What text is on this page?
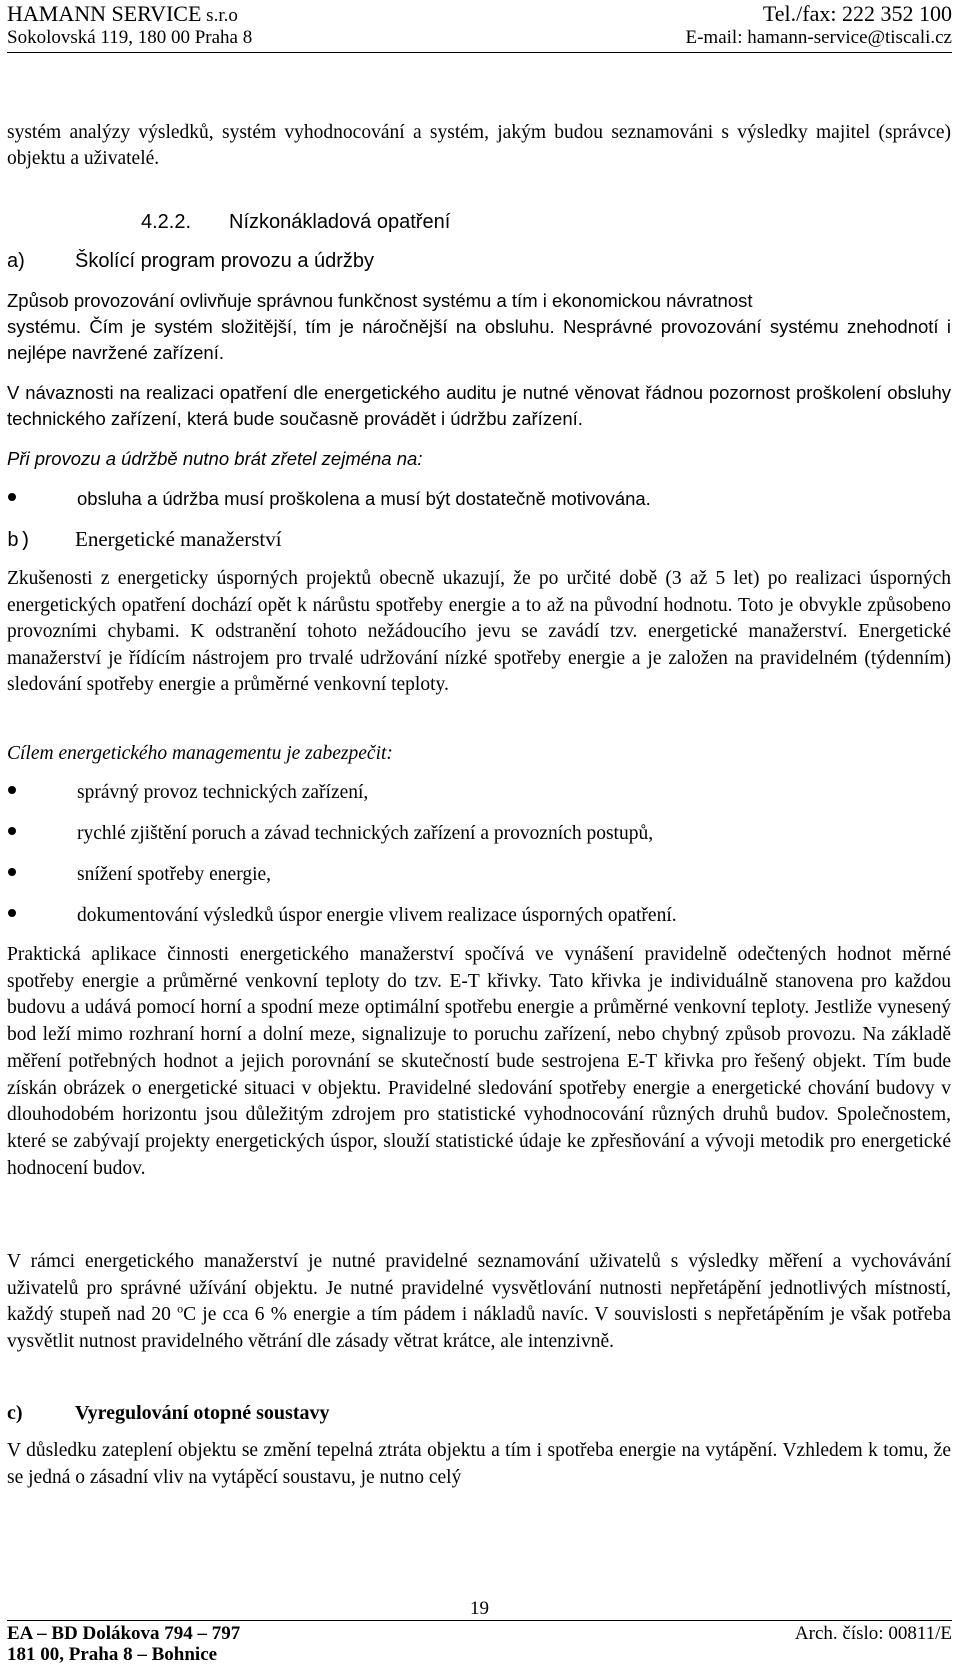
HAMANN SERVICE s.r.o	Tel./fax: 222 352 100
Sokolovská 119, 180 00 Praha 8	E-mail: hamann-service@tiscali.cz

systém analýzy výsledků, systém vyhodnocování a systém, jakým budou seznamováni s výsledky majitel (správce) objektu a uživatelé.

4.2.2. Nízkonákladová opatření
a)	Školící program provozu a údržby

Způsob provozování ovlivňuje správnou funkčnost systému a tím i ekonomickou návratnost

systému. Čím je systém složitější, tím je náročnější na obsluhu. Nesprávné provozování systému znehodnotí i nejlépe navržené zařízení.

V návaznosti na realizaci opatření dle energetického auditu je nutné věnovat řádnou pozornost proškolení obsluhy technického zařízení, která bude současně provádět i údržbu zařízení.

Při provozu a údržbě nutno brát zřetel zejména na:

obsluha a údržba musí proškolena a musí být dostatečně motivována.
b)	Energetické manažerství

Zkušenosti z energeticky úsporných projektů obecně ukazují, že po určité době (3 až 5 let) po realizaci úsporných energetických opatření dochází opět k nárůstu spotřeby energie a to až na původní hodnotu. Toto je obvykle způsobeno provozními chybami. K odstranění tohoto nežádoucího jevu se zavádí tzv. energetické manažerství. Energetické manažerství je řídícím nástrojem pro trvalé udržování nízké spotřeby energie a je založen na pravidelném (týdenním) sledování spotřeby energie a průměrné venkovní teploty.

Cílem energetického managementu je zabezpečit:

správný provoz technických zařízení,
rychlé zjištění poruch a závad technických zařízení a provozních postupů,
snížení spotřeby energie,
dokumentování výsledků úspor energie vlivem realizace úsporných opatření.

Praktická aplikace činnosti energetického manažerství spočívá ve vynášení pravidelně odečtených hodnot měrné spotřeby energie a průměrné venkovní teploty do tzv. E-T křivky. Tato křivka je individuálně stanovena pro každou budovu a udává pomocí horní a spodní meze optimální spotřebu energie a průměrné venkovní teploty. Jestliže vynesený bod leží mimo rozhraní horní a dolní meze, signalizuje to poruchu zařízení, nebo chybný způsob provozu. Na základě měření potřebných hodnot a jejich porovnání se skutečností bude sestrojena E-T křivka pro řešený objekt. Tím bude získán obrázek o energetické situaci v objektu. Pravidelné sledování spotřeby energie a energetické chování budovy v dlouhodobém horizontu jsou důležitým zdrojem pro statistické vyhodnocování různých druhů budov. Společnostem, které se zabývají projekty energetických úspor, slouží statistické údaje ke zpřesňování a vývoji metodik pro energetické hodnocení budov.

V rámci energetického manažerství je nutné pravidelné seznamování uživatelů s výsledky měření a vychovávání uživatelů pro správné užívání objektu. Je nutné pravidelné vysvětlování nutnosti nepřetápění jednotlivých místností, každý stupeň nad 20 $^o$C je cca 6 % energie a tím pádem i nákladů navíc. V souvislosti s nepřetápěním je však potřeba vysvětlit nutnost pravidelného větrání dle zásady větrat krátce, ale intenzivně.

c)	Vyregulování otopné soustavy

V důsledku zateplení objektu se změní tepelná ztráta objektu a tím i spotřeba energie na vytápění. Vzhledem k tomu, že se jedná o zásadní vliv na vytápěcí soustavu, je nutno celý

19
EA – BD Dolákova 794 – 797	Arch. číslo: 00811/E
181 00, Praha 8 – Bohnice
